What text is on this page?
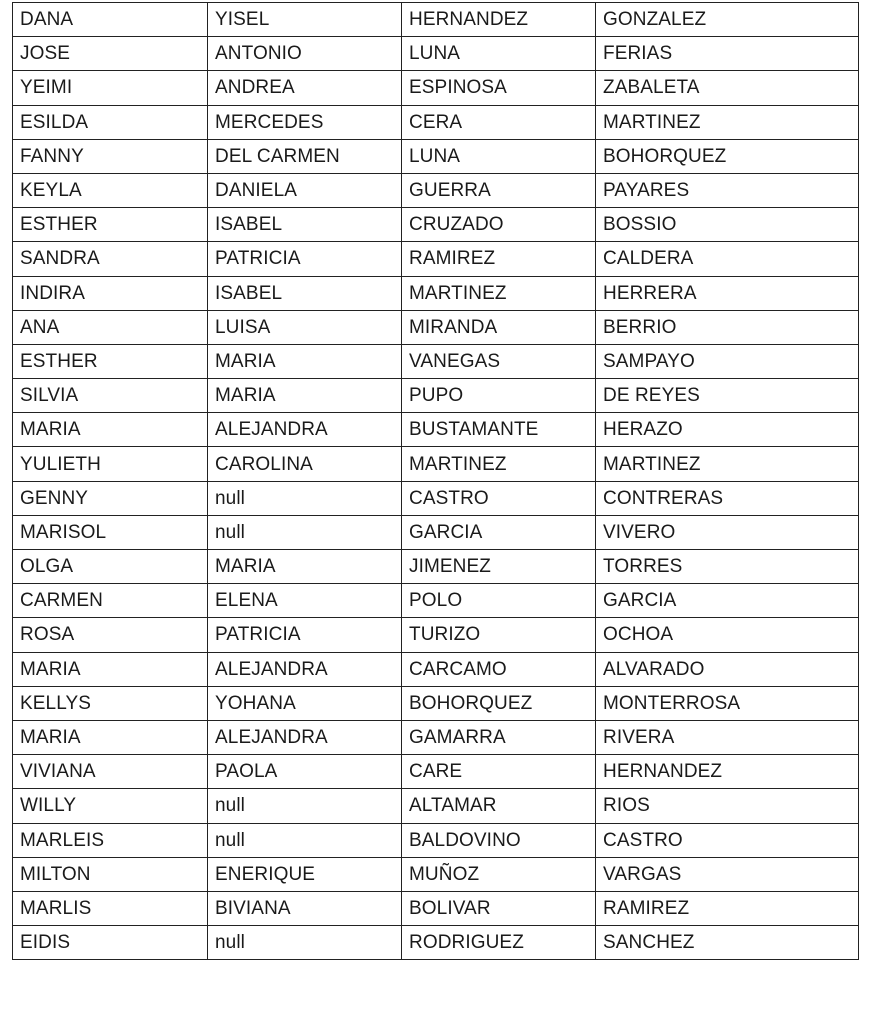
DANA	YISEL	HERNANDEZ	GONZALEZ
JOSE	ANTONIO	LUNA	FERIAS
YEIMI	ANDREA	ESPINOSA	ZABALETA
ESILDA	MERCEDES	CERA	MARTINEZ
FANNY	DEL CARMEN	LUNA	BOHORQUEZ
KEYLA	DANIELA	GUERRA	PAYARES
ESTHER	ISABEL	CRUZADO	BOSSIO
SANDRA	PATRICIA	RAMIREZ	CALDERA
INDIRA	ISABEL	MARTINEZ	HERRERA
ANA	LUISA	MIRANDA	BERRIO
ESTHER	MARIA	VANEGAS	SAMPAYO
SILVIA	MARIA	PUPO	DE REYES
MARIA	ALEJANDRA	BUSTAMANTE	HERAZO
YULIETH	CAROLINA	MARTINEZ	MARTINEZ
GENNY	null	CASTRO	CONTRERAS
MARISOL	null	GARCIA	VIVERO
OLGA	MARIA	JIMENEZ	TORRES
CARMEN	ELENA	POLO	GARCIA
ROSA	PATRICIA	TURIZO	OCHOA
MARIA	ALEJANDRA	CARCAMO	ALVARADO
KELLYS	YOHANA	BOHORQUEZ	MONTERROSA
MARIA	ALEJANDRA	GAMARRA	RIVERA
VIVIANA	PAOLA	CARE	HERNANDEZ
WILLY	null	ALTAMAR	RIOS
MARLEIS	null	BALDOVINO	CASTRO
MILTON	ENERIQUE	MUÑOZ	VARGAS
MARLIS	BIVIANA	BOLIVAR	RAMIREZ
EIDIS	null	RODRIGUEZ	SANCHEZ
